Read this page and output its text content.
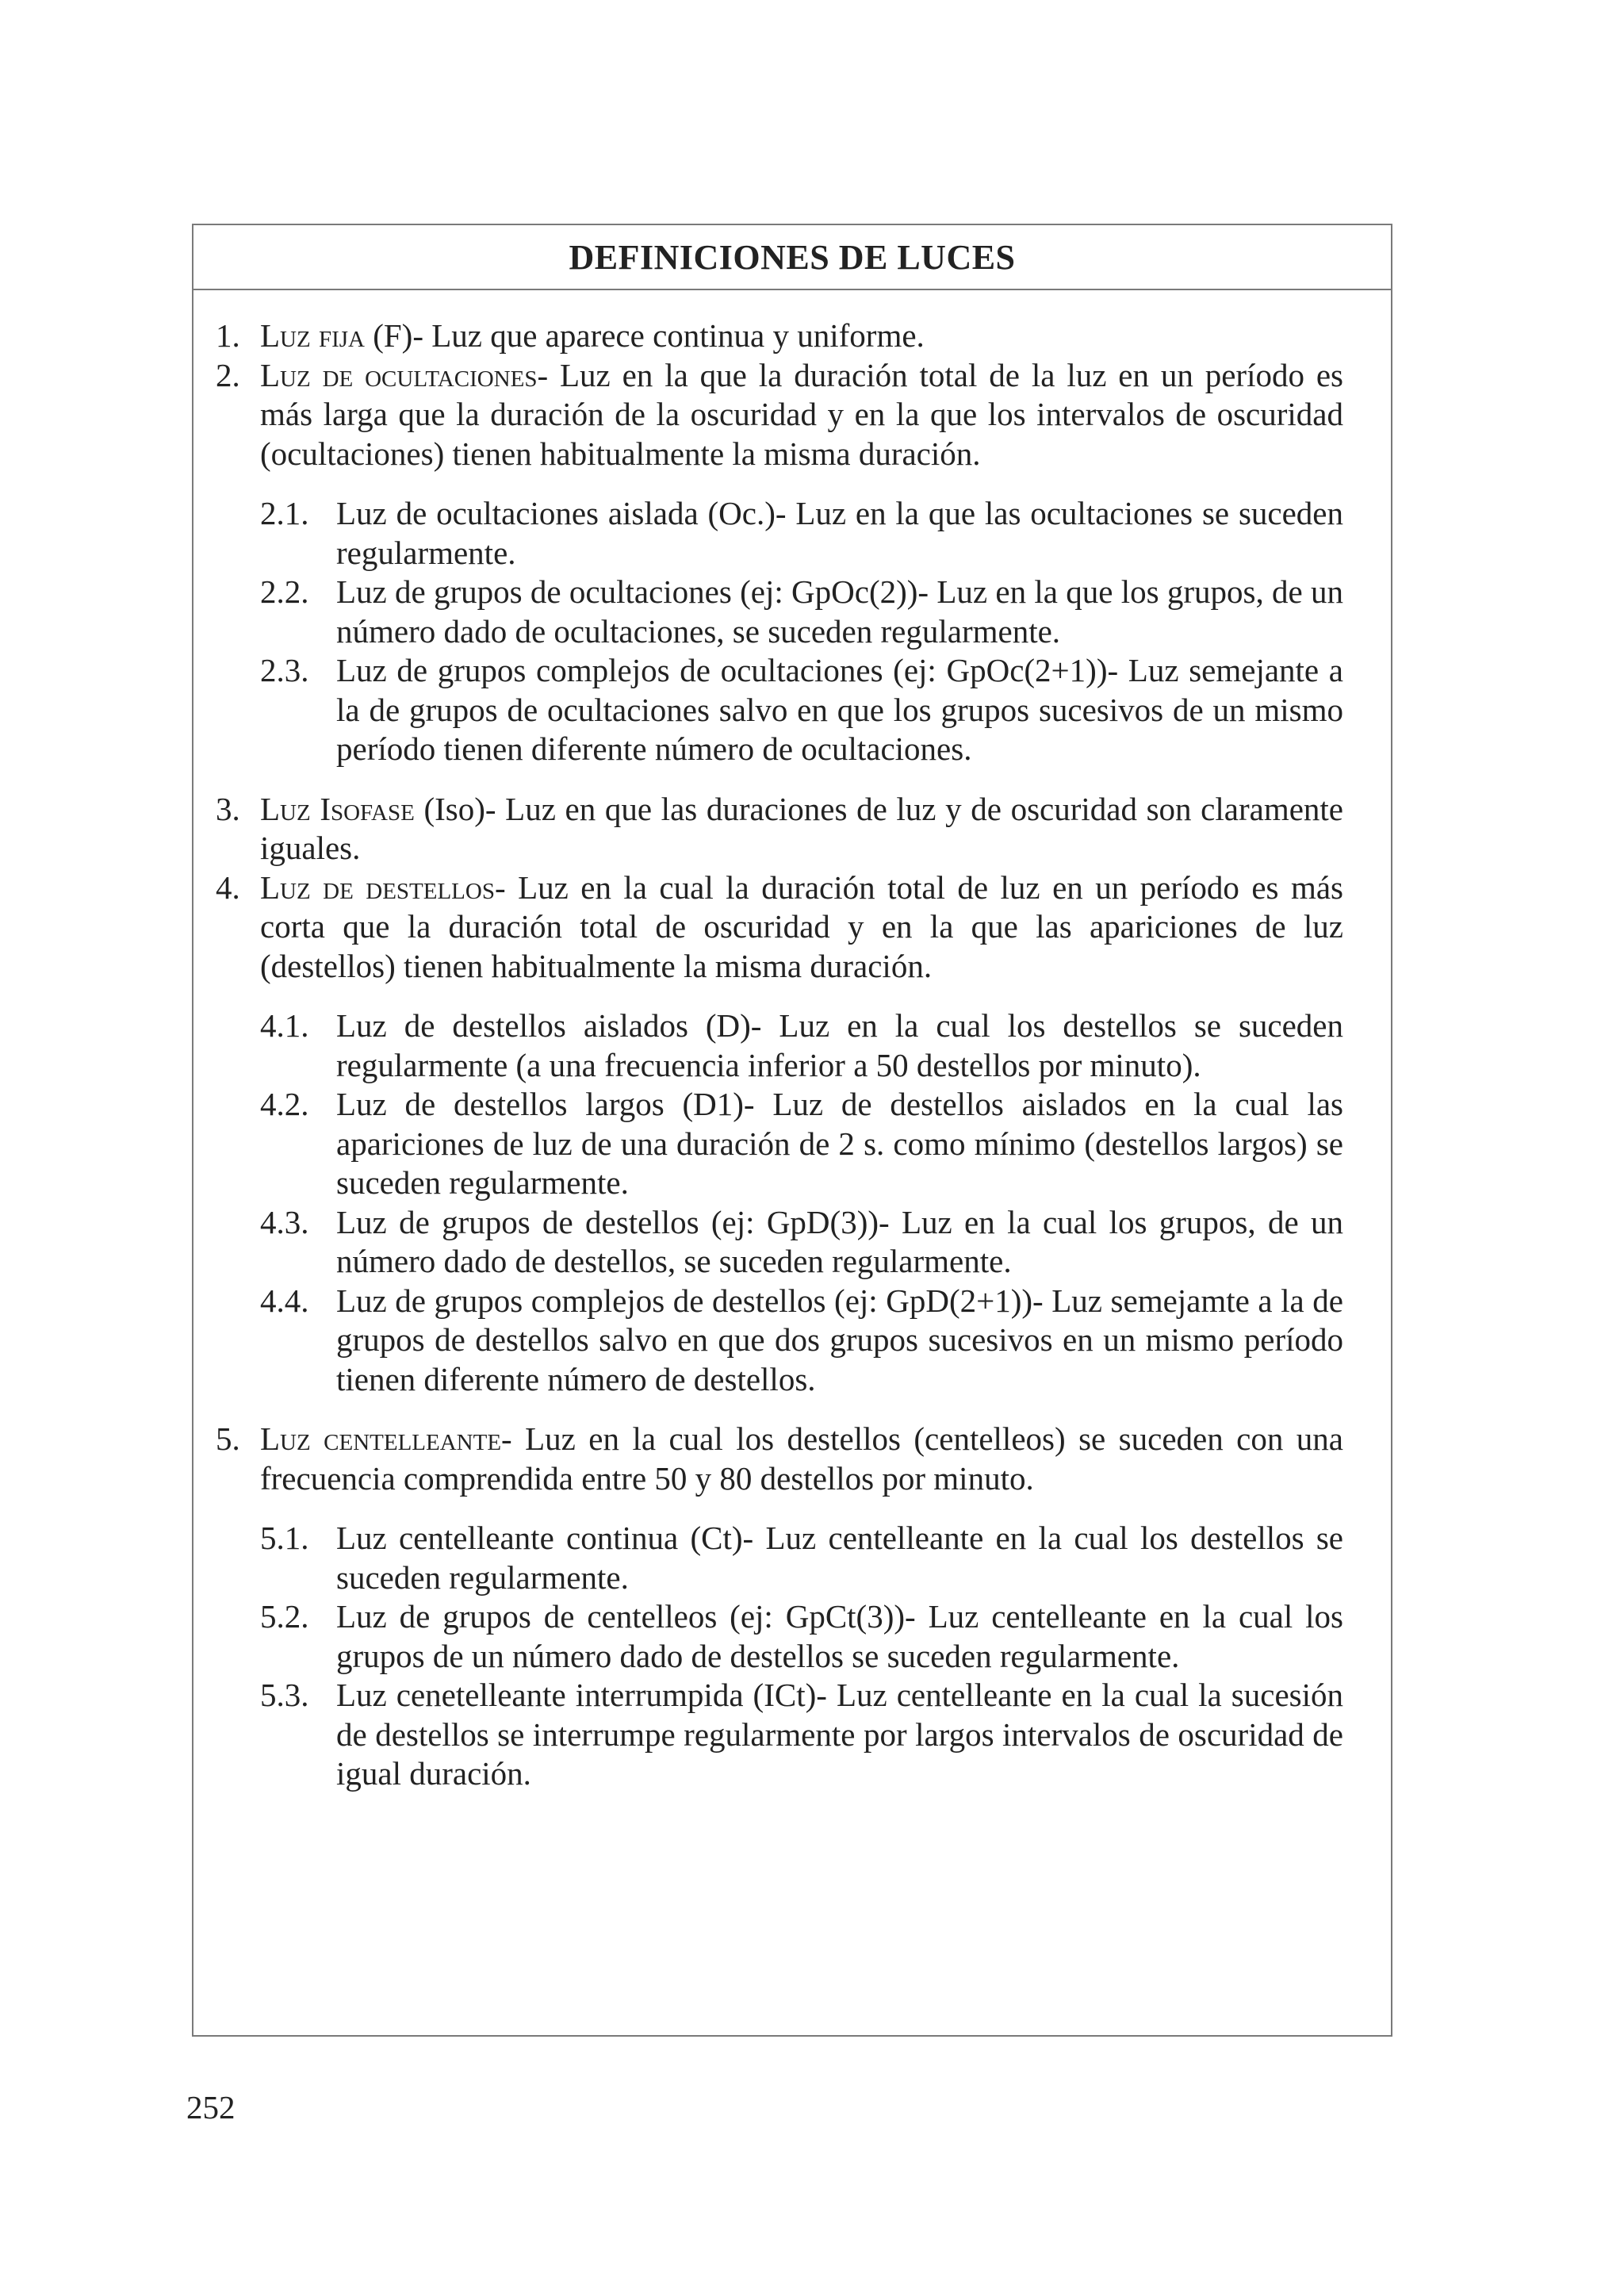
DEFINICIONES DE LUCES
1. Luz fija (F)- Luz que aparece continua y uniforme.
2. Luz de ocultaciones- Luz en la que la duración total de la luz en un período es más larga que la duración de la oscuridad y en la que los intervalos de oscuridad (ocultaciones) tienen habitualmente la misma duración.
2.1. Luz de ocultaciones aislada (Oc.)- Luz en la que las ocultaciones se suceden regularmente.
2.2. Luz de grupos de ocultaciones (ej: GpOc(2))- Luz en la que los grupos, de un número dado de ocultaciones, se suceden regularmente.
2.3. Luz de grupos complejos de ocultaciones (ej: GpOc(2+1))- Luz semejante a la de grupos de ocultaciones salvo en que los grupos sucesivos de un mismo período tienen diferente número de ocultaciones.
3. Luz Isofase (Iso)- Luz en que las duraciones de luz y de oscuridad son claramente iguales.
4. Luz de destellos- Luz en la cual la duración total de luz en un período es más corta que la duración total de oscuridad y en la que las apariciones de luz (destellos) tienen habitualmente la misma duración.
4.1. Luz de destellos aislados (D)- Luz en la cual los destellos se suceden regularmente (a una frecuencia inferior a 50 destellos por minuto).
4.2. Luz de destellos largos (D1)- Luz de destellos aislados en la cual las apariciones de luz de una duración de 2 s. como mínimo (destellos largos) se suceden regularmente.
4.3. Luz de grupos de destellos (ej: GpD(3))- Luz en la cual los grupos, de un número dado de destellos, se suceden regularmente.
4.4. Luz de grupos complejos de destellos (ej: GpD(2+1))- Luz semejamte a la de grupos de destellos salvo en que dos grupos sucesivos en un mismo período tienen diferente número de destellos.
5. Luz centelleante- Luz en la cual los destellos (centelleos) se suceden con una frecuencia comprendida entre 50 y 80 destellos por minuto.
5.1. Luz centelleante continua (Ct)- Luz centelleante en la cual los destellos se suceden regularmente.
5.2. Luz de grupos de centelleos (ej: GpCt(3))- Luz centelleante en la cual los grupos de un número dado de destellos se suceden regularmente.
5.3. Luz cenetelleante interrumpida (ICt)- Luz centelleante en la cual la sucesión de destellos se interrumpe regularmente por largos intervalos de oscuridad de igual duración.
252
